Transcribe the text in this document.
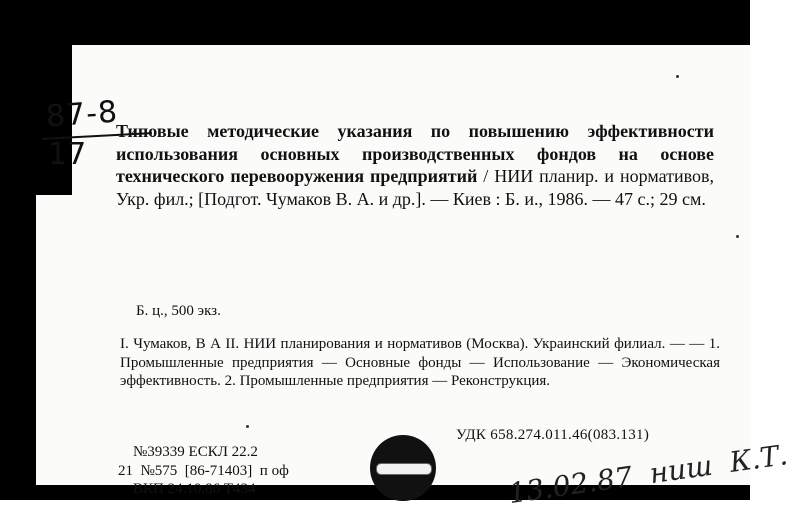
87-8
17
Типовые методические указания по повышению эффективности использования основных производственных фондов на основе технического перевооружения предприятий / НИИ планир. и нормативов, Укр. фил.; [Подгот. Чумаков В. А. и др.]. — Киев : Б. и., 1986. — 47 с.; 29 см.
Б. ц., 500 экз.
I. Чумаков, В А II. НИИ планирования и нормативов (Москва). Украинский филиал. — — 1. Промышленные предприятия — Основные фонды — Использование — Экономическая эффективность. 2. Промышленные предприятия — Реконструкция.
УДК 658.274.011.46(083.131)
№39339 ЕСКЛ 22.2
21  №575  [86-71403]  п оф
ВКП 24.10.86 Т434	13.02.87  ниш  К.Т.
